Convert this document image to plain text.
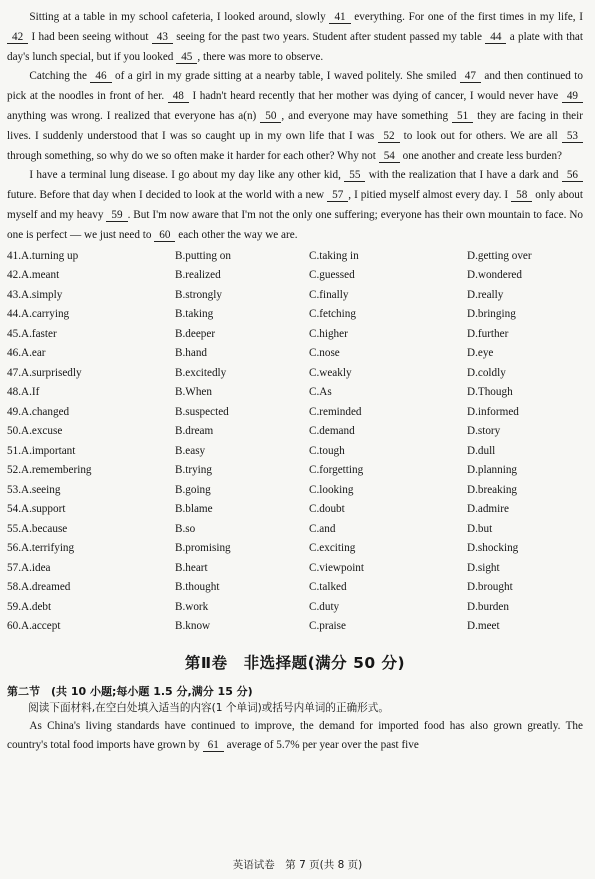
Sitting at a table in my school cafeteria, I looked around, slowly 41 everything. For one of the first times in my life, I 42 I had been seeing without 43 seeing for the past two years. Student after student passed my table 44 a plate with that day's lunch special, but if you looked 45 , there was more to observe.

Catching the 46 of a girl in my grade sitting at a nearby table, I waved politely. She smiled 47 and then continued to pick at the noodles in front of her. 48 I hadn't heard recently that her mother was dying of cancer, I would never have 49 anything was wrong. I realized that everyone has a(n) 50 , and everyone may have something 51 they are facing in their lives. I suddenly understood that I was so caught up in my own life that I was 52 to look out for others. We are all 53 through something, so why do we so often make it harder for each other? Why not 54 one another and create less burden?

I have a terminal lung disease. I go about my day like any other kid, 55 with the realization that I have a dark and 56 future. Before that day when I decided to look at the world with a new 57 , I pitied myself almost every day. I 58 only about myself and my heavy 59 . But I'm now aware that I'm not the only one suffering; everyone has their own mountain to face. No one is perfect — we just need to 60 each other the way we are.

41.A.turning up	B.putting on	C.taking in	D.getting over
42.A.meant	B.realized	C.guessed	D.wondered
43.A.simply	B.strongly	C.finally	D.really
44.A.carrying	B.taking	C.fetching	D.bringing
45.A.faster	B.deeper	C.higher	D.further
46.A.ear	B.hand	C.nose	D.eye
47.A.surprisedly	B.excitedly	C.weakly	D.coldly
48.A.If	B.When	C.As	D.Though
49.A.changed	B.suspected	C.reminded	D.informed
50.A.excuse	B.dream	C.demand	D.story
51.A.important	B.easy	C.tough	D.dull
52.A.remembering	B.trying	C.forgetting	D.planning
53.A.seeing	B.going	C.looking	D.breaking
54.A.support	B.blame	C.doubt	D.admire
55.A.because	B.so	C.and	D.but
56.A.terrifying	B.promising	C.exciting	D.shocking
57.A.idea	B.heart	C.viewpoint	D.sight
58.A.dreamed	B.thought	C.talked	D.brought
59.A.debt	B.work	C.duty	D.burden
60.A.accept	B.know	C.praise	D.meet
第Ⅱ卷　非选择题(满分 50 分)
第二节　(共 10 小题;每小题 1.5 分,满分 15 分)
阅读下面材料,在空白处填入适当的内容(1 个单词)或括号内单词的正确形式。

As China's living standards have continued to improve, the demand for imported food has also grown greatly. The country's total food imports have grown by 61 average of 5.7% per year over the past five

英语试卷　第 7 页(共 8 页)
